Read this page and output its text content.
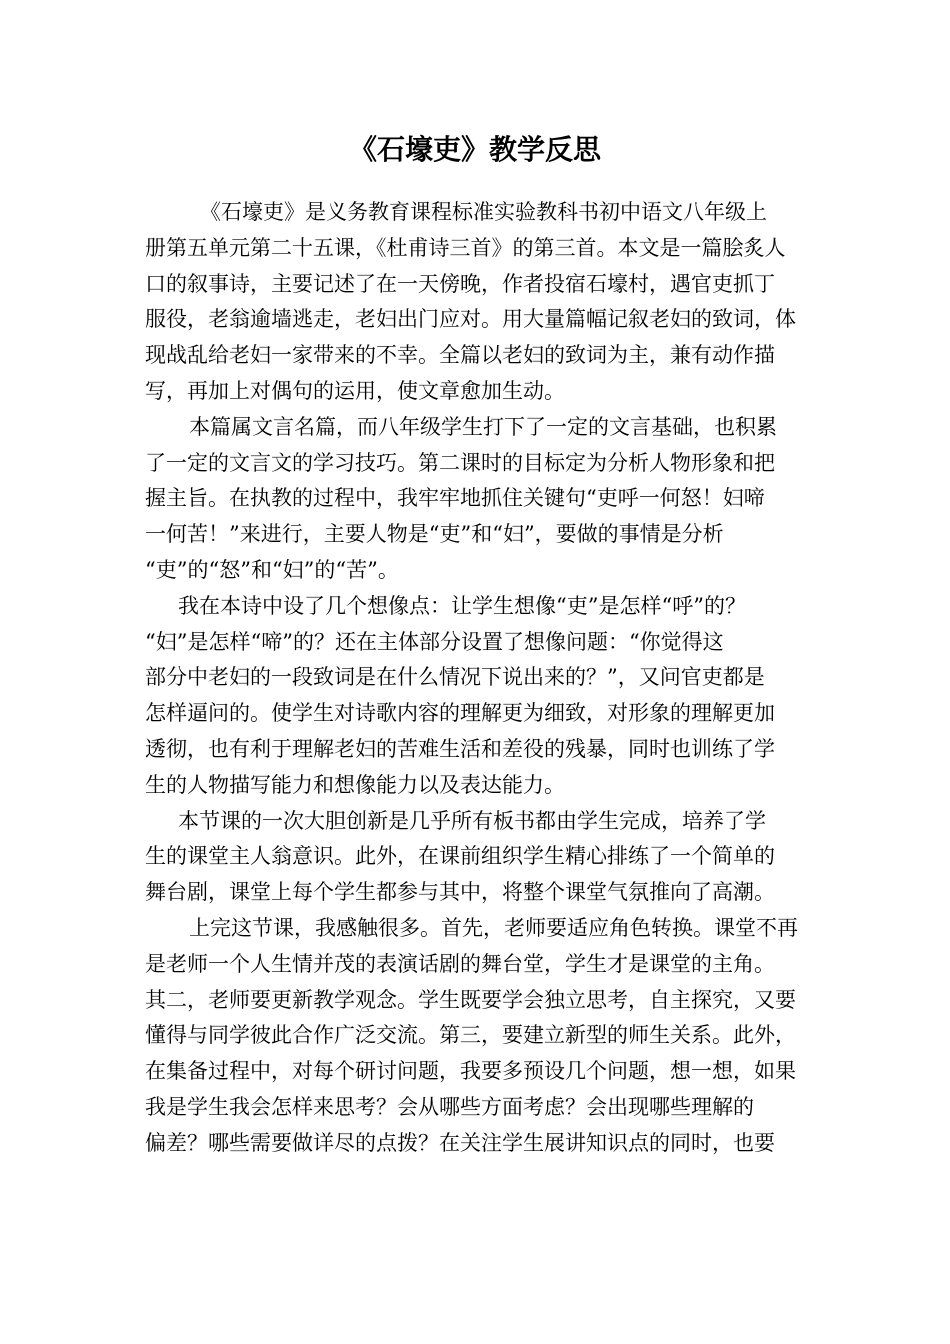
《石壕吏》教学反思
《石壕吏》是义务教育课程标准实验教科书初中语文八年级上
册第五单元第二十五课，《杜甫诗三首》的第三首。本文是一篇脍炙人
口的叙事诗，主要记述了在一天傍晚，作者投宿石壕村，遇官吏抓丁
服役，老翁逾墙逃走，老妇出门应对。用大量篇幅记叙老妇的致词，体
现战乱给老妇一家带来的不幸。全篇以老妇的致词为主，兼有动作描
写，再加上对偶句的运用，使文章愈加生动。
本篇属文言名篇，而八年级学生打下了一定的文言基础，也积累
了一定的文言文的学习技巧。第二课时的目标定为分析人物形象和把
握主旨。在执教的过程中，我牢牢地抓住关键句“吏呼一何怒！妇啼
一何苦！”来进行，主要人物是“吏”和“妇”，要做的事情是分析
“吏”的“怒”和“妇”的“苦”。
我在本诗中设了几个想像点：让学生想像“吏”是怎样“呼”的？
“妇”是怎样“啼”的？还在主体部分设置了想像问题：“你觉得这
部分中老妇的一段致词是在什么情况下说出来的？”，又问官吏都是
怎样逼问的。使学生对诗歌内容的理解更为细致，对形象的理解更加
透彻，也有利于理解老妇的苦难生活和差役的残暴，同时也训练了学
生的人物描写能力和想像能力以及表达能力。
本节课的一次大胆创新是几乎所有板书都由学生完成，培养了学
生的课堂主人翁意识。此外，在课前组织学生精心排练了一个简单的
舞台剧，课堂上每个学生都参与其中，将整个课堂气氛推向了高潮。
上完这节课，我感触很多。首先，老师要适应角色转换。课堂不再
是老师一个人生情并茂的表演话剧的舞台堂，学生才是课堂的主角。
其二，老师要更新教学观念。学生既要学会独立思考，自主探究，又要
懂得与同学彼此合作广泛交流。第三，要建立新型的师生关系。此外，
在集备过程中，对每个研讨问题，我要多预设几个问题，想一想，如果
我是学生我会怎样来思考？会从哪些方面考虑？会出现哪些理解的
偏差？哪些需要做详尽的点拨？在关注学生展讲知识点的同时，也要
